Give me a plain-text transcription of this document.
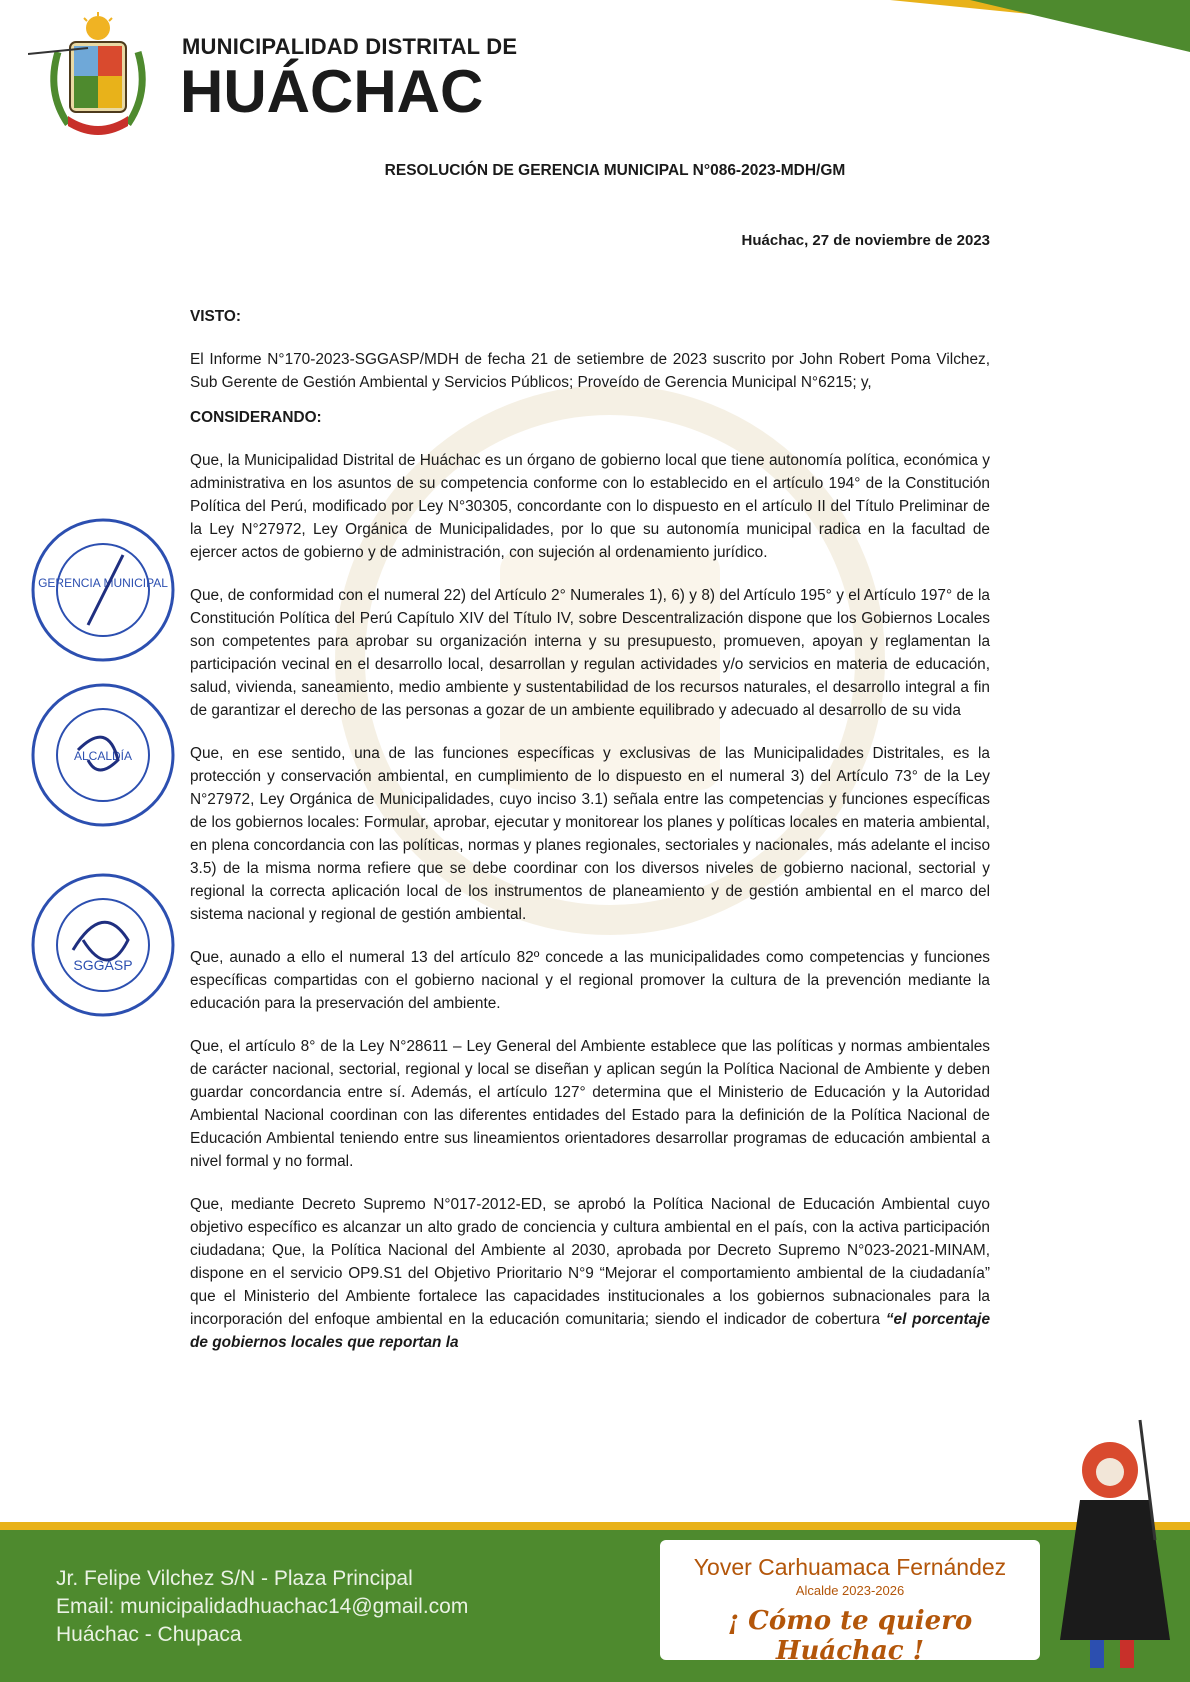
MUNICIPALIDAD DISTRITAL DE
HUÁCHAC
RESOLUCIÓN DE GERENCIA MUNICIPAL N°086-2023-MDH/GM
Huáchac, 27 de noviembre de 2023

VISTO:

El Informe N°170-2023-SGGASP/MDH de fecha 21 de setiembre de 2023 suscrito por John Robert Poma Vilchez, Sub Gerente de Gestión Ambiental y Servicios Públicos; Proveído de Gerencia Municipal N°6215; y,

CONSIDERANDO:

Que, la Municipalidad Distrital de Huáchac es un órgano de gobierno local que tiene autonomía política, económica y administrativa en los asuntos de su competencia conforme con lo establecido en el artículo 194° de la Constitución Política del Perú, modificado por Ley N°30305, concordante con lo dispuesto en el artículo II del Título Preliminar de la Ley N°27972, Ley Orgánica de Municipalidades, por lo que su autonomía municipal radica en la facultad de ejercer actos de gobierno y de administración, con sujeción al ordenamiento jurídico.

Que, de conformidad con el numeral 22) del Artículo 2° Numerales 1), 6) y 8) del Artículo 195° y el Artículo 197° de la Constitución Política del Perú Capítulo XIV del Título IV, sobre Descentralización dispone que los Gobiernos Locales son competentes para aprobar su organización interna y su presupuesto, promueven, apoyan y reglamentan la participación vecinal en el desarrollo local, desarrollan y regulan actividades y/o servicios en materia de educación, salud, vivienda, saneamiento, medio ambiente y sustentabilidad de los recursos naturales, el desarrollo integral a fin de garantizar el derecho de las personas a gozar de un ambiente equilibrado y adecuado al desarrollo de su vida

Que, en ese sentido, una de las funciones específicas y exclusivas de las Municipalidades Distritales, es la protección y conservación ambiental, en cumplimiento de lo dispuesto en el numeral 3) del Artículo 73° de la Ley N°27972, Ley Orgánica de Municipalidades, cuyo inciso 3.1) señala entre las competencias y funciones específicas de los gobiernos locales: Formular, aprobar, ejecutar y monitorear los planes y políticas locales en materia ambiental, en plena concordancia con las políticas, normas y planes regionales, sectoriales y nacionales, más adelante el inciso 3.5) de la misma norma refiere que se debe coordinar con los diversos niveles de gobierno nacional, sectorial y regional la correcta aplicación local de los instrumentos de planeamiento y de gestión ambiental en el marco del sistema nacional y regional de gestión ambiental.

Que, aunado a ello el numeral 13 del artículo 82º concede a las municipalidades como competencias y funciones específicas compartidas con el gobierno nacional y el regional promover la cultura de la prevención mediante la educación para la preservación del ambiente.

Que, el artículo 8° de la Ley N°28611 – Ley General del Ambiente establece que las políticas y normas ambientales de carácter nacional, sectorial, regional y local se diseñan y aplican según la Política Nacional de Ambiente y deben guardar concordancia entre sí. Además, el artículo 127° determina que el Ministerio de Educación y la Autoridad Ambiental Nacional coordinan con las diferentes entidades del Estado para la definición de la Política Nacional de Educación Ambiental teniendo entre sus lineamientos orientadores desarrollar programas de educación ambiental a nivel formal y no formal.

Que, mediante Decreto Supremo N°017-2012-ED, se aprobó la Política Nacional de Educación Ambiental cuyo objetivo específico es alcanzar un alto grado de conciencia y cultura ambiental en el país, con la activa participación ciudadana; Que, la Política Nacional del Ambiente al 2030, aprobada por Decreto Supremo N°023-2021-MINAM, dispone en el servicio OP9.S1 del Objetivo Prioritario N°9 “Mejorar el comportamiento ambiental de la ciudadanía” que el Ministerio del Ambiente fortalece las capacidades institucionales a los gobiernos subnacionales para la incorporación del enfoque ambiental en la educación comunitaria; siendo el indicador de cobertura “el porcentaje de gobiernos locales que reportan la

GERENCIA MUNICIPAL
ALCALDÍA
SGGASP
Jr. Felipe Vilchez S/N - Plaza Principal
Email: municipalidadhuachac14@gmail.com
Huáchac - Chupaca
Yover Carhuamaca Fernández
Alcalde 2023-2026
¡ Cómo te quiero Huáchac !
